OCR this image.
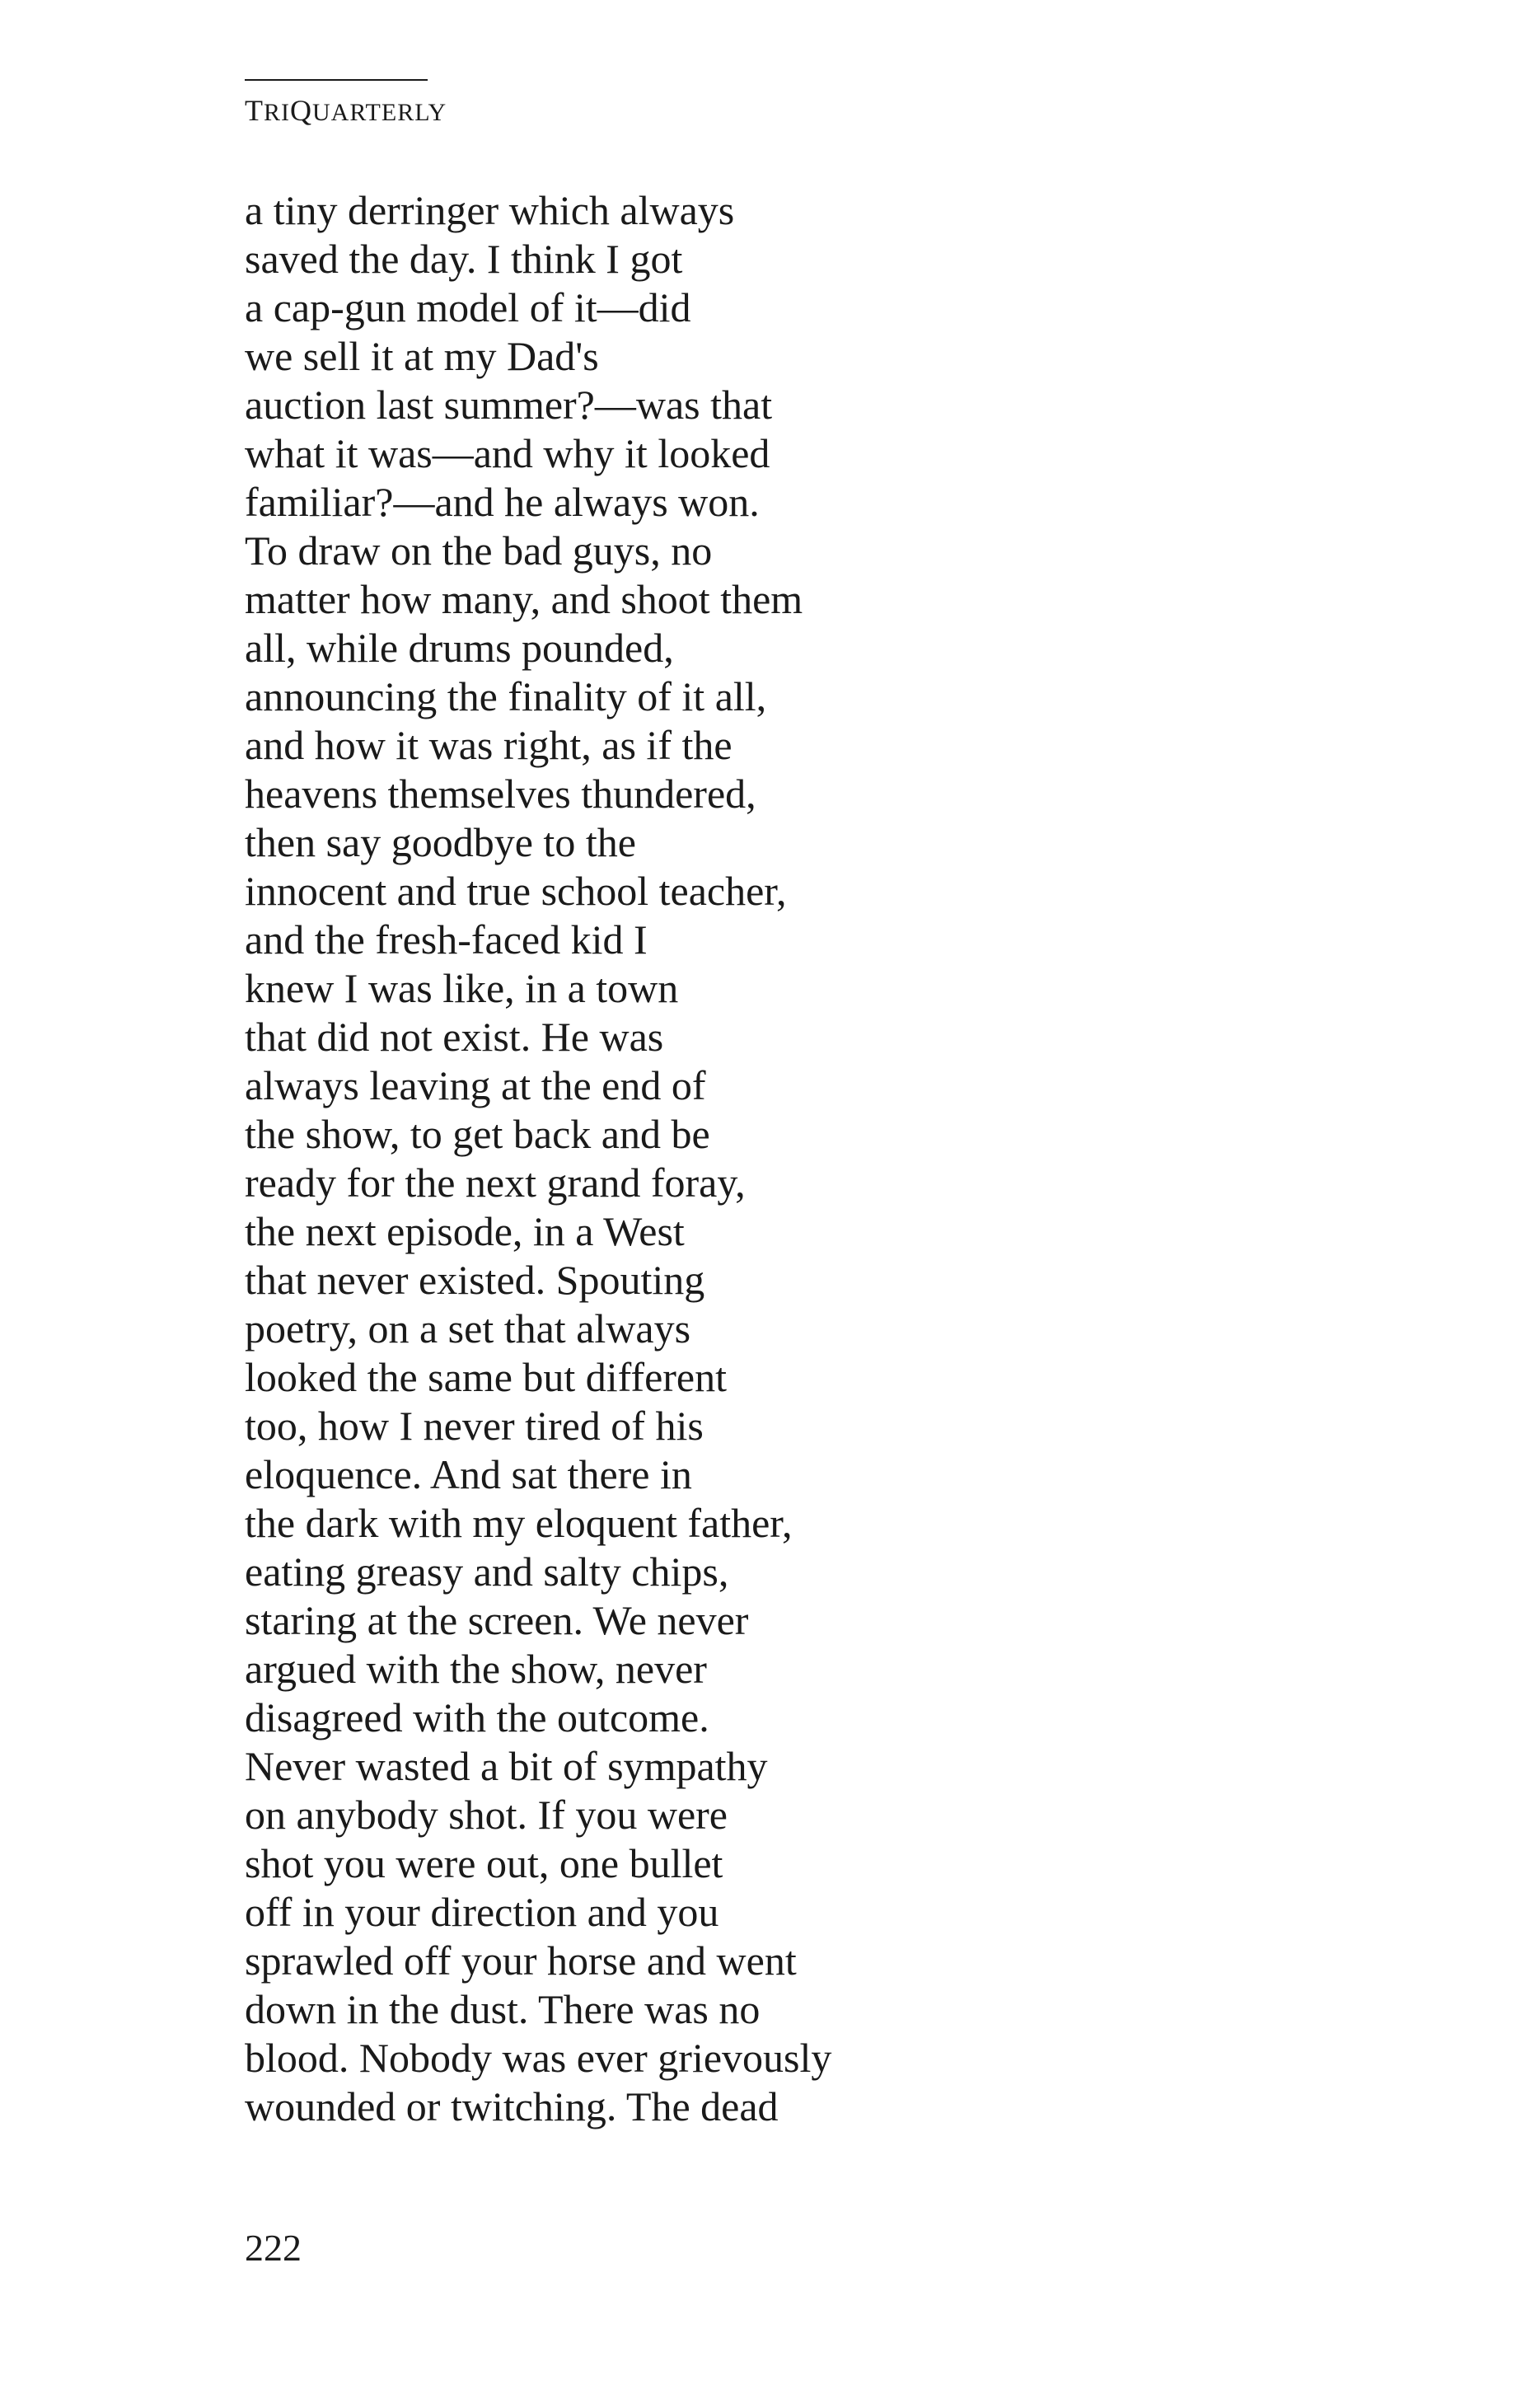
TRIQUARTERLY
a tiny derringer which always
saved the day. I think I got
a cap-gun model of it—did
we sell it at my Dad's
auction last summer?—was that
what it was—and why it looked
familiar?—and he always won.
To draw on the bad guys, no
matter how many, and shoot them
all, while drums pounded,
announcing the finality of it all,
and how it was right, as if the
heavens themselves thundered,
then say goodbye to the
innocent and true school teacher,
and the fresh-faced kid I
knew I was like, in a town
that did not exist. He was
always leaving at the end of
the show, to get back and be
ready for the next grand foray,
the next episode, in a West
that never existed. Spouting
poetry, on a set that always
looked the same but different
too, how I never tired of his
eloquence. And sat there in
the dark with my eloquent father,
eating greasy and salty chips,
staring at the screen. We never
argued with the show, never
disagreed with the outcome.
Never wasted a bit of sympathy
on anybody shot. If you were
shot you were out, one bullet
off in your direction and you
sprawled off your horse and went
down in the dust. There was no
blood. Nobody was ever grievously
wounded or twitching. The dead
222
